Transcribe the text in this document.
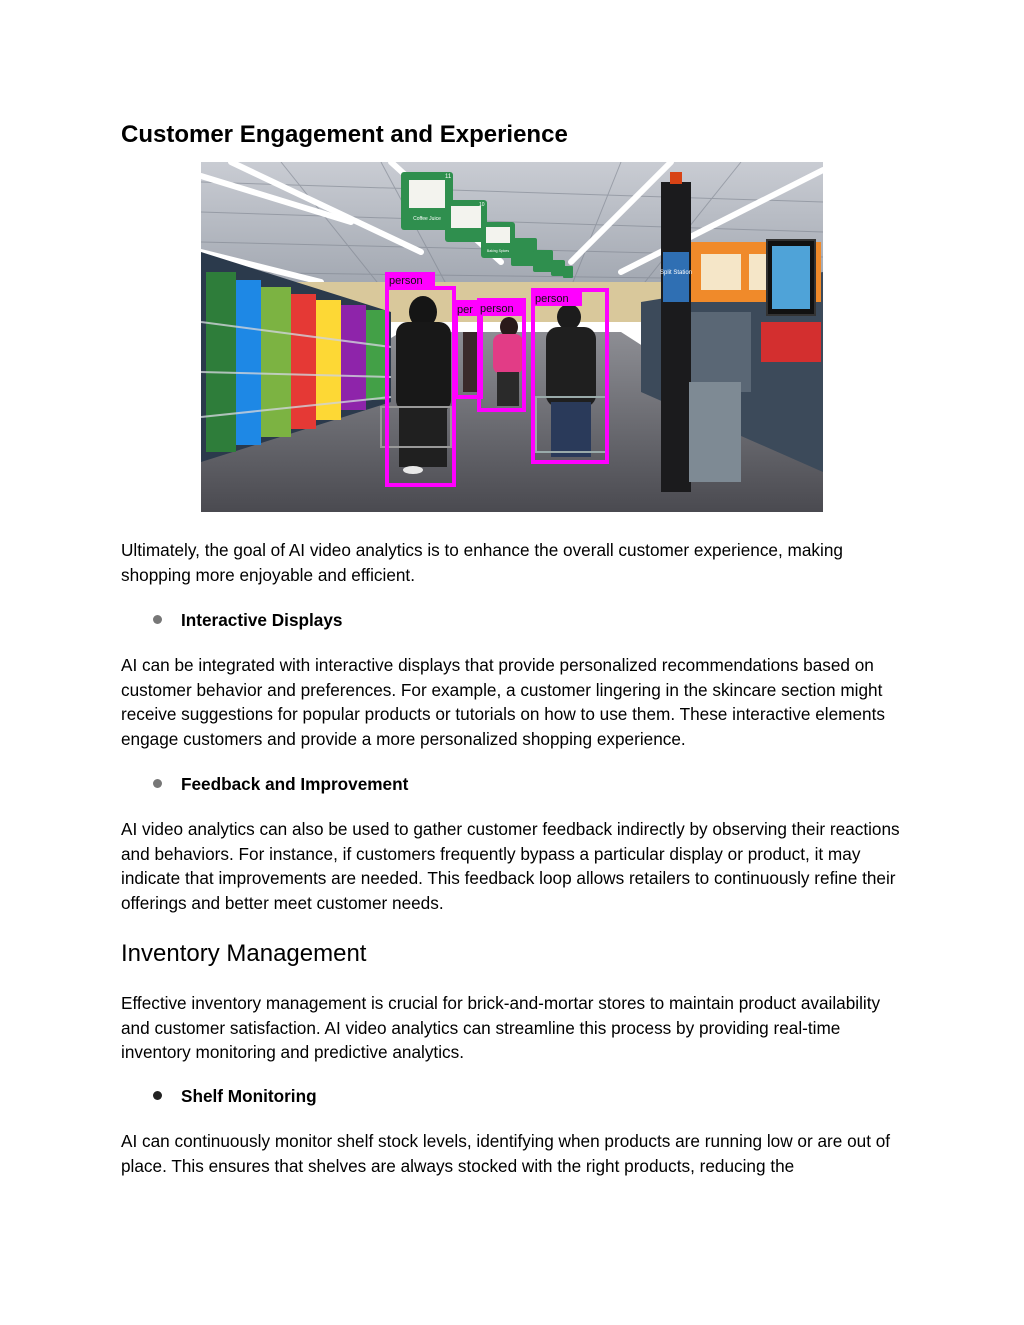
Customer Engagement and Experience

Ultimately, the goal of AI video analytics is to enhance the overall customer experience, making shopping more enjoyable and efficient.

Interactive Displays

AI can be integrated with interactive displays that provide personalized recommendations based on customer behavior and preferences. For example, a customer lingering in the skincare section might receive suggestions for popular products or tutorials on how to use them. These interactive elements engage customers and provide a more personalized shopping experience.

Feedback and Improvement

AI video analytics can also be used to gather customer feedback indirectly by observing their reactions and behaviors. For instance, if customers frequently bypass a particular display or product, it may indicate that improvements are needed. This feedback loop allows retailers to continuously refine their offerings and better meet customer needs.

Inventory Management

Effective inventory management is crucial for brick-and-mortar stores to maintain product availability and customer satisfaction. AI video analytics can streamline this process by providing real-time inventory monitoring and predictive analytics.

Shelf Monitoring

AI can continuously monitor shelf stock levels, identifying when products are running low or are out of place. This ensures that shelves are always stocked with the right products, reducing the

Split Station
11
Coffee Juice
10
Baking Spices
person
per person
person
